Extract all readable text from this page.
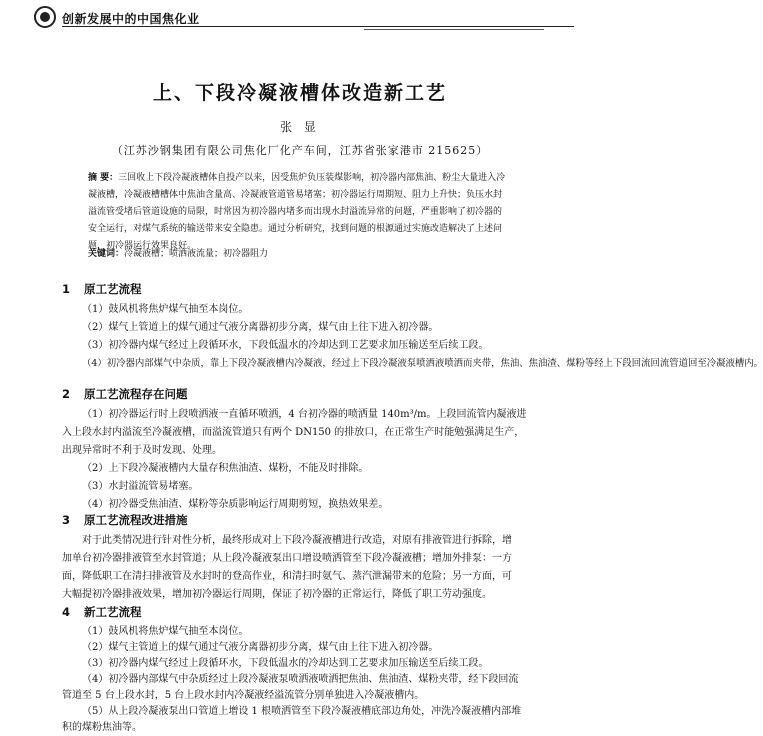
创新发展中的中国焦化业
上、下段冷凝液槽体改造新工艺
张 显
（江苏沙钢集团有限公司焦化厂化产车间，江苏省张家港市 215625）
摘 要：三回收上下段冷凝液槽体自投产以来，因受焦炉负压装煤影响，初冷器内部焦油、粉尘大量进入冷凝液槽，冷凝液槽槽体中焦油含量高、冷凝液管道管易堵塞；初冷器运行周期短、阻力上升快；负压水封溢流管受堵后管道设施的局限，时常因为初冷器内堵多而出现水封溢流异常的问题，严重影响了初冷器的安全运行，对煤气系统的输送带来安全隐患。通过分析研究，找到问题的根源通过实施改造解决了上述问题，初冷器运行效果良好。
关键词：冷凝液槽；喷洒液流量；初冷器阻力
1 原工艺流程
（1）鼓风机将焦炉煤气抽至本岗位。
（2）煤气上管道上的煤气通过气液分离器初步分离，煤气由上往下进入初冷器。
（3）初冷器内煤气经过上段循环水，下段低温水的冷却达到工艺要求加压输送至后续工段。
（4）初冷器内部煤气中杂质，靠上下段冷凝液槽内冷凝液，经过上下段冷凝液泵喷洒液喷洒而夹带，焦油、焦油渣、煤粉等经上下段回流回流管道回至冷凝液槽内。
2 原工艺流程存在问题
（1）初冷器运行时上段喷洒液一直循环喷洒，4 台初冷器的喷洒量 140m³/m。上段回流管内凝液进
入上段水封内溢流至冷凝液槽，而溢流管道只有两个 DN150 的排放口，在正常生产时能勉强满足生产，
出现异常时不利于及时发现、处理。
（2）上下段冷凝液槽内大量存积焦油渣、煤粉，不能及时排除。
（3）水封溢流管易堵塞。
（4）初冷器受焦油渣、煤粉等杂质影响运行周期剪短，换热效果差。
3 原工艺流程改进措施
对于此类情况进行针对性分析，最终形成对上下段冷凝液槽进行改造，对原有排液管进行拆除，增
加单台初冷器排液管至水封管道；从上段冷凝液泵出口增设喷洒管至下段冷凝液槽；增加外排泵：一方
面，降低职工在清扫排液管及水封时的登高作业，和清扫时氨气、蒸汽泄漏带来的危险；另一方面，可
大幅提初冷器排液效果，增加初冷器运行周期，保证了初冷器的正常运行，降低了职工劳动强度。
4 新工艺流程
（1）鼓风机将焦炉煤气抽至本岗位。
（2）煤气主管道上的煤气通过气液分离器初步分离，煤气由上往下进入初冷器。
（3）初冷器内煤气经过上段循环水，下段低温水的冷却达到工艺要求加压输送至后续工段。
（4）初冷器内部煤气中杂质经过上段冷凝液泵喷洒液喷洒把焦油、焦油渣、煤粉夹带，经下段回流
管道至 5 台上段水封，5 台上段水封内冷凝液经溢流管分别单独进入冷凝液槽内。
（5）从上段冷凝液泵出口管道上增设 1 根喷洒管至下段冷凝液槽底部边角处，冲洗冷凝液槽内部堆
积的煤粉焦油等。
